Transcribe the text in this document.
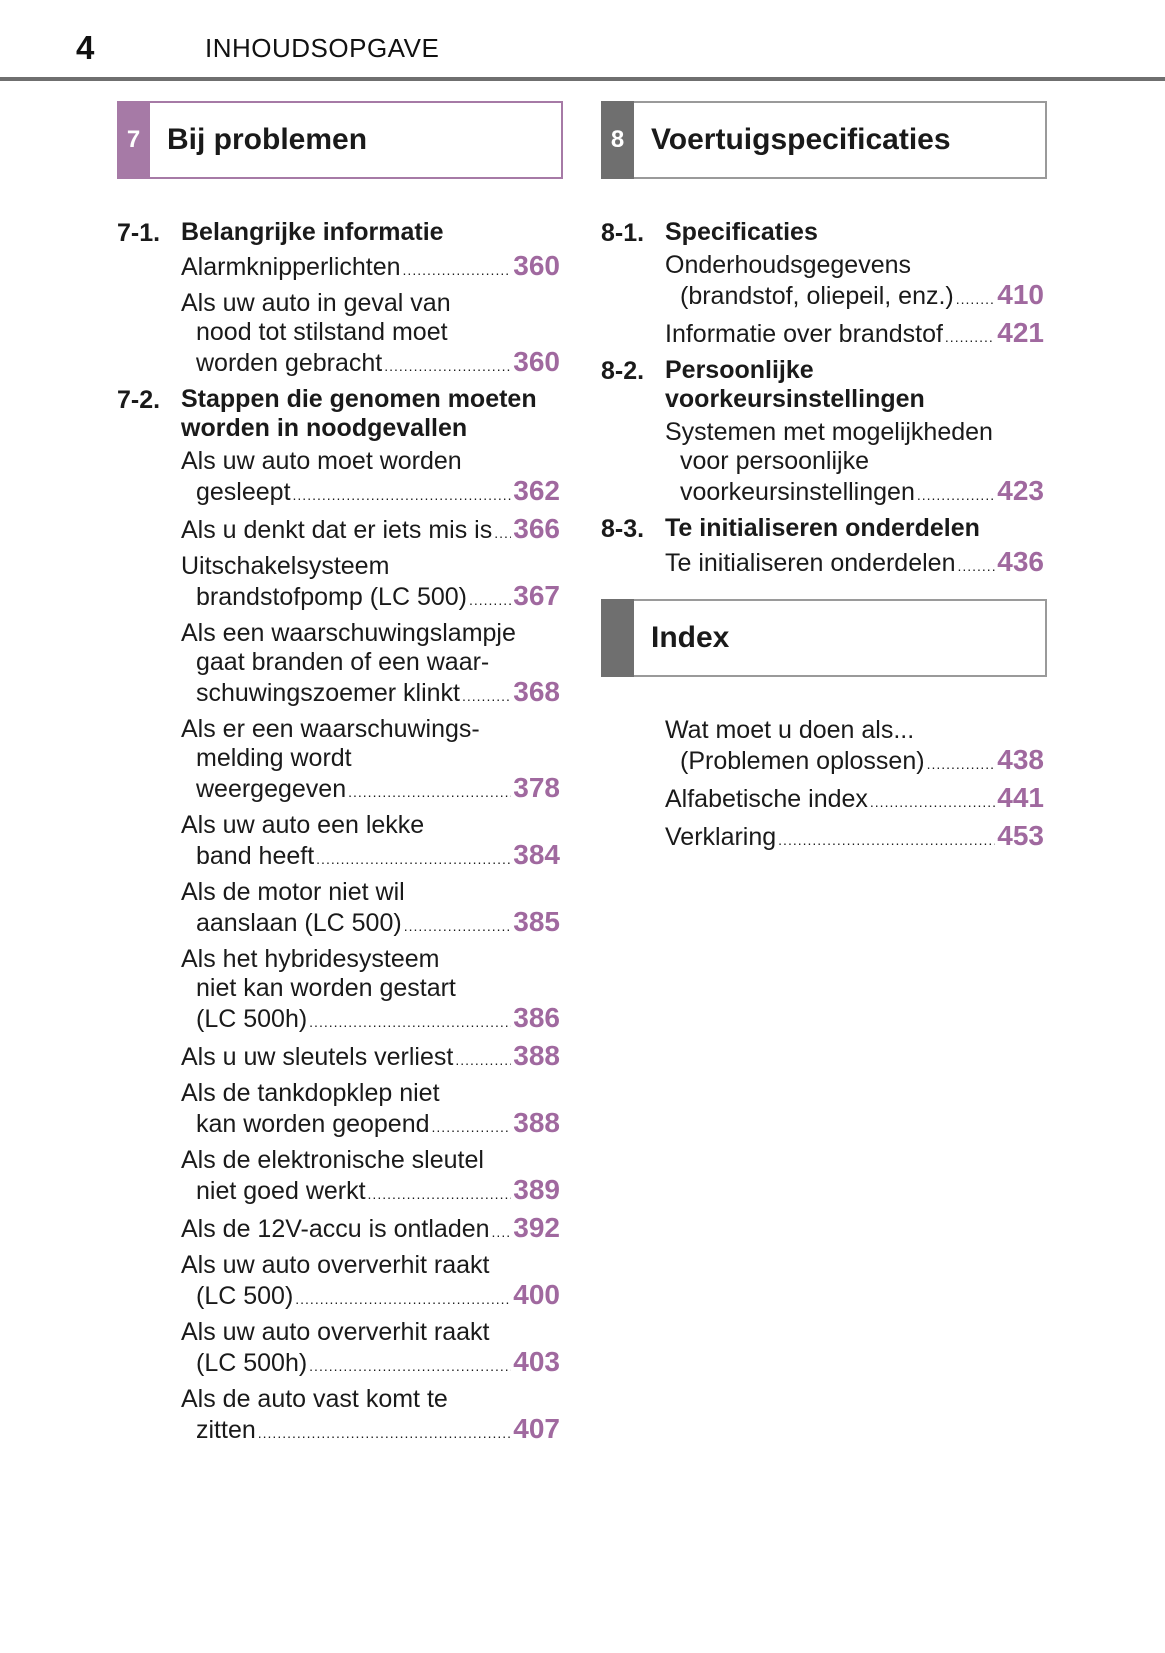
4	INHOUDSOPGAVE
7 Bij problemen	8 Voertuigspecificaties
Index
7-1. Belangrijke informatie
Alarmknipperlichten .....	360
Als uw auto in geval van
nood tot stilstand moet
worden gebracht .....	360
7-2. Stappen die genomen moeten
worden in noodgevallen
Als uw auto moet worden
gesleept .....	362
Als u denkt dat er iets mis is ..... 366
Uitschakelsysteem
brandstofpomp (LC 500) ..... 367
Als een waarschuwingslampje
gaat branden of een waar-
schuwingszoemer klinkt ..... 368
Als er een waarschuwings-
melding wordt
weergegeven .....	378
Als uw auto een lekke
band heeft .....	384
Als de motor niet wil
aanslaan (LC 500) .....	385
Als het hybridesysteem
niet kan worden gestart
(LC 500h) .....	386
Als u uw sleutels verliest ..... 388
Als de tankdopklep niet
kan worden geopend .....	388
Als de elektronische sleutel
niet goed werkt .....	389
Als de 12V-accu is ontladen ..... 392
Als uw auto oververhit raakt
(LC 500) .....	400
Als uw auto oververhit raakt
(LC 500h) .....	403
Als de auto vast komt te
zitten .....	407
8-1. Specificaties
Onderhoudsgegevens
(brandstof, oliepeil, enz.) ..... 410
Informatie over brandstof ..... 421
8-2. Persoonlijke
voorkeursinstellingen
Systemen met mogelijkheden
voor persoonlijke
voorkeursinstellingen .....	423
8-3. Te initialiseren onderdelen
Te initialiseren onderdelen ..... 436
Wat moet u doen als...
(Problemen oplossen) .....	438
Alfabetische index .....	441
Verklaring .....	453
